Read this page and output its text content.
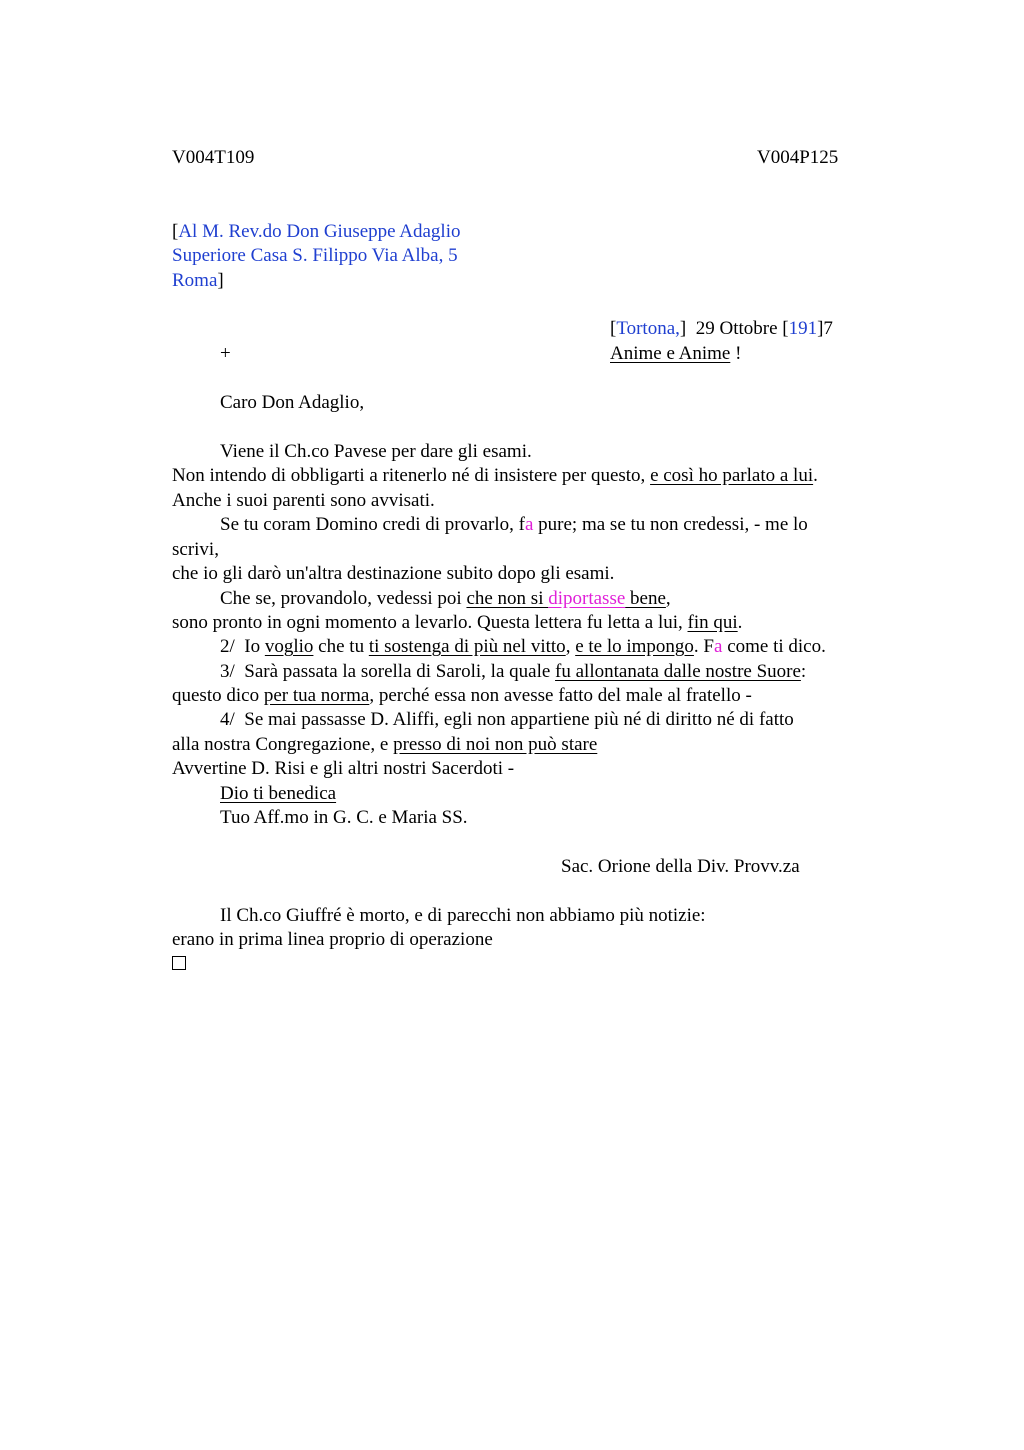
V004T109	V004P125
[Al M. Rev.do Don Giuseppe Adaglio
Superiore Casa S. Filippo Via Alba, 5
Roma]
[Tortona,]  29 Ottobre [191]7
+	Anime e Anime !
Caro Don Adaglio,
Viene il Ch.co Pavese per dare gli esami.
Non intendo di obbligarti a ritenerlo né di insistere per questo, e così ho parlato a lui.
Anche i suoi parenti sono avvisati.
Se tu coram Domino credi di provarlo, fa pure; ma se tu non credessi, - me lo
scrivi,
che io gli darò un'altra destinazione subito dopo gli esami.
Che se, provandolo, vedessi poi che non si diportasse bene,
sono pronto in ogni momento a levarlo. Questa lettera fu letta a lui, fin qui.
2/  Io voglio che tu ti sostenga di più nel vitto, e te lo impongo. Fa come ti dico.
3/  Sarà passata la sorella di Saroli, la quale fu allontanata dalle nostre Suore:
questo dico per tua norma, perché essa non avesse fatto del male al fratello -
4/  Se mai passasse D. Aliffi, egli non appartiene più né di diritto né di fatto
alla nostra Congregazione, e presso di noi non può stare
Avvertine D. Risi e gli altri nostri Sacerdoti -
Dio ti benedica
Tuo Aff.mo in G. C. e Maria SS.
Sac. Orione della Div. Provv.za
Il Ch.co Giuffré è morto, e di parecchi non abbiamo più notizie:
erano in prima linea proprio di operazione
